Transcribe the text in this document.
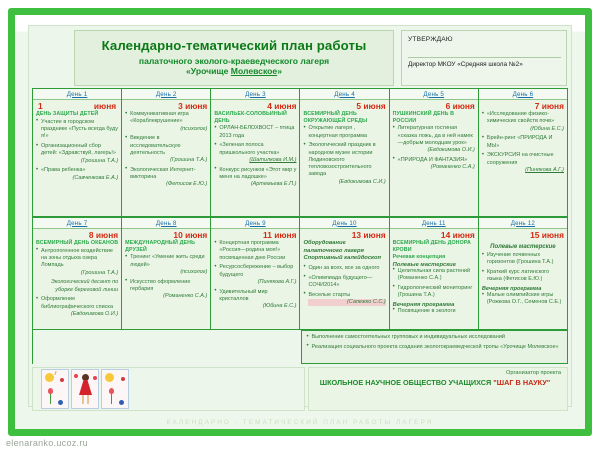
Календарно-тематический план работы
палаточного эколого-краеведческого лагеря
«Урочище Молевское»
УТВЕРЖДАЮ
Директор МКОУ «Средняя школа №2»
День 1
1	июня
ДЕНЬ ЗАЩИТЫ ДЕТЕЙ
• Участие в городском празднике «Пусть всегда буду я!»
• Организационный сбор детей: «Здравствуй, лагерь!»
(Грошина Т.А.)
• «Права ребенка»
(Савченкова Е.А.)
День 2
3 июня
• Коммуникативная игра «Кораблекрушение»
(психолог)
• Введение в исследовательскую деятельность
(Грошина Т.А.)
• Экологическая Интернет-викторина
(Фетисов Е.Ю.)
День 3
4 июня
ВАСИЛЬЕК-СОЛОВЬИНЫЙ ДЕНЬ
• ОРЛАН-БЕЛОХВОСТ – птица 2013 года
• «Зеленая полоса пришкольного участка»
(Шатилкова И.М.)
• Конкурс рисунков «Этот мир у меня на ладошке»
(Артемьева Е.П.)
День 4
5 июня
ВСЕМИРНЫЙ ДЕНЬ ОКРУЖАЮЩЕЙ СРЕДЫ
• Открытие лагеря , концертная программа
• Экологический праздник в народном музее истории Людиновского тепловозостроительного завода
(Евдокимова С.И.)
День 5
6 июня
ПУШКИНСКИЙ ДЕНЬ В РОССИИ
• Литературная гостиная «сказка ложь, да в ней намек—добрым молодцам урок»
(Евдокимова О.И.)
• «ПРИРОДА И ФАНТАЗИЯ»
(Романенко С.А.)
День 6
7 июня
• «Исследование физико-химических свойств почв»
(Юбина Е.С.)
• Брейн-ринг «ПРИРОДА И МЫ»
• ЭКСКУРСИЯ на очистные сооружения
(Пинякова А.Г.)
День 7
8 июня
ВСЕМИРНЫЙ ДЕНЬ ОКЕАНОВ
• Антропогенное воздействие на зоны отдыха озера Ломпадь
(Грошина Т.А.)
Экологический десант по уборке береговой линии
• Оформление библиографического списка
(Евдокимова О.И.)
День 8
10 июня
МЕЖДУНАРОДНЫЙ ДЕНЬ ДРУЗЕЙ
• Тренинг «Умение жить среди людей»
(психолог)
• Искусство оформление гербария
(Романенко С.А.)
День 9
11 июня
• Концертная программа «Россия—родина моя!» посвященная дню России
• Ресурсосбережение – выбор будущего
(Пинякова А.Г.)
• Удивительный мир кристаллов
(Юбина Е.С.)
День 10
13 июня
Оборудование палаточного лагеря Спортивный калейдоскоп
• Один за всех, все за одного
• «Олимпиада будущего—СОЧИ2014»
• Веселые старты
(Сапежко С.С.)
День 11
14 июня
ВСЕМИРНЫЙ ДЕНЬ ДОНОРА КРОВИ
Речевая концепция
Полевые мастерские
• Целительная сила растений (Романенко С.А.)
• Гидрологический мониторинг (Грошина Т.А.)
Вечерняя программа
• Посвящение в экологи
День 12
15 июня
Полевые мастерские
• Изучение почвенных горизонтов (Грошина Т.А.)
• Краткий курс латинского языка (Фетисов Е.Ю.)
Вечерняя программа
• Малые олимпийские игры (Рожкова О.Г., Семенов С.Е.)
• Выполнение самостоятельных групповых и индивидуальных исследований
• Реализация социального проекта создания экологокраеведческой тропы «Урочище Молевское»
Организатор проекта
ШКОЛЬНОЕ НАУЧНОЕ ОБЩЕСТВО УЧАЩИХСЯ "ШАГ В НАУКУ"
КАЛЕНДАРНО - ТЕМАТИЧЕСКИЙ ПЛАН РАБОТЫ ЛАГЕРЯ
elenaranko.ucoz.ru
